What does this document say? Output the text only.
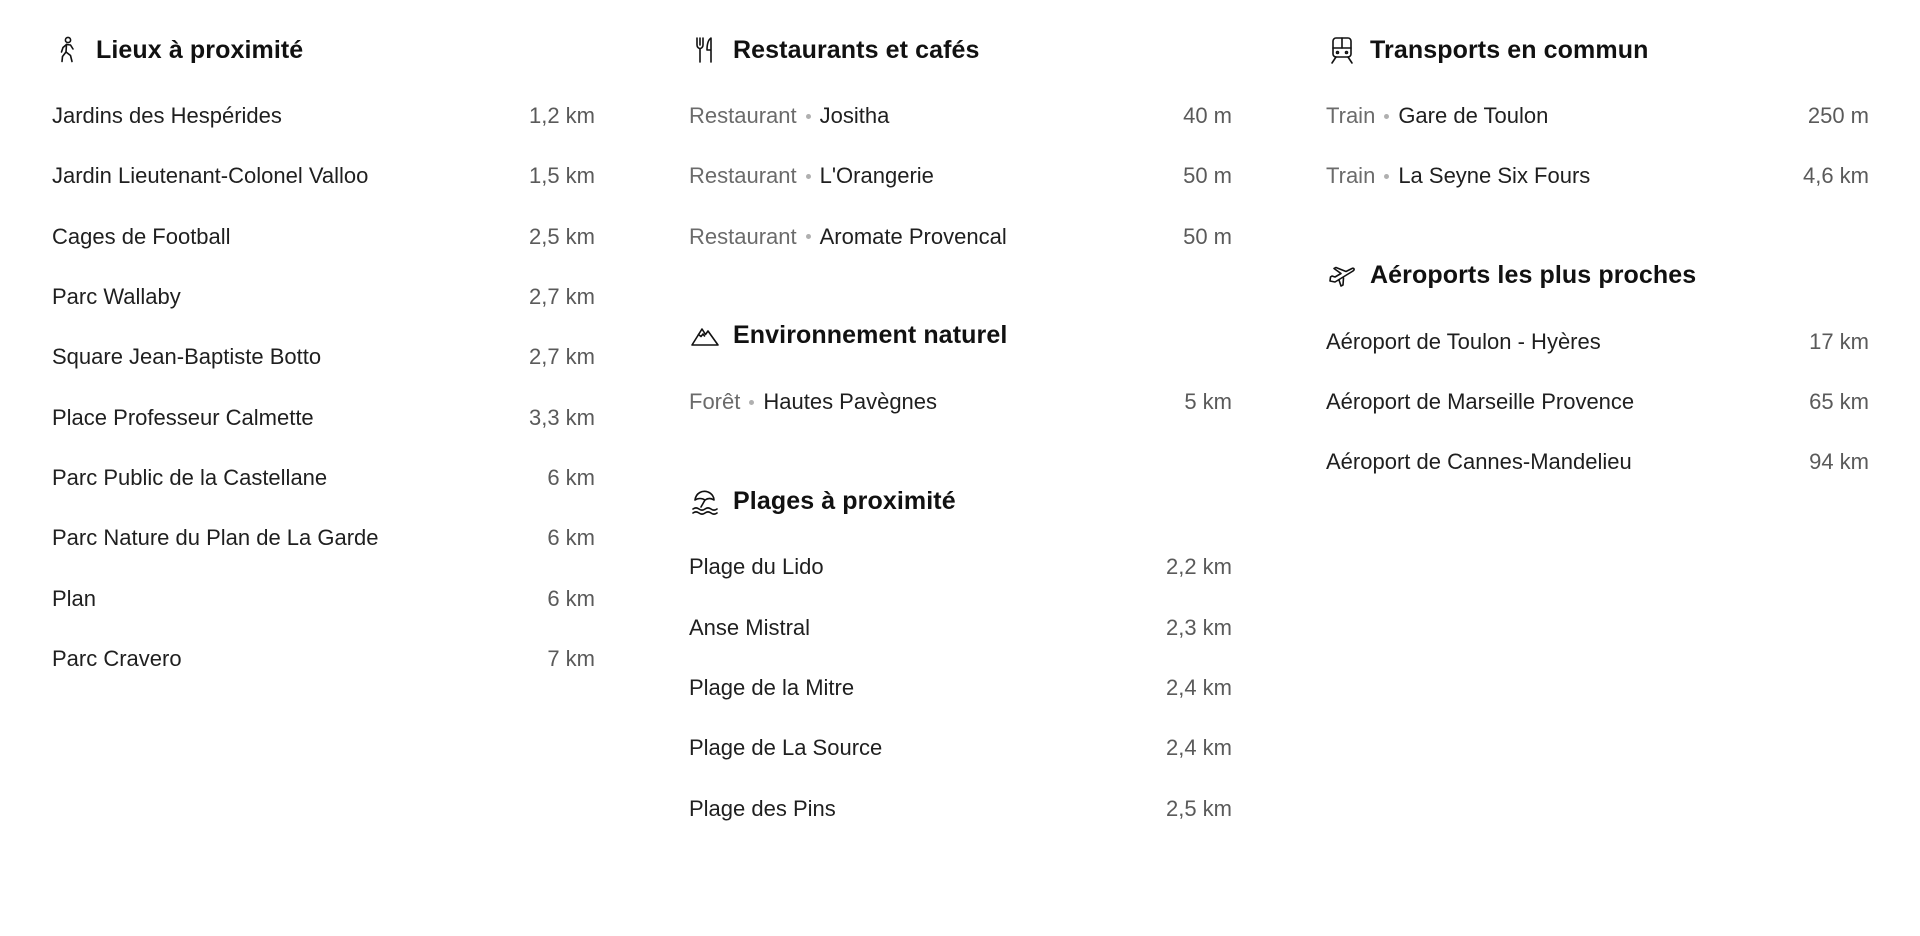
Lieux à proximité
Jardins des Hespérides	1,2 km
Jardin Lieutenant-Colonel Valloo	1,5 km
Cages de Football	2,5 km
Parc Wallaby	2,7 km
Square Jean-Baptiste Botto	2,7 km
Place Professeur Calmette	3,3 km
Parc Public de la Castellane	6 km
Parc Nature du Plan de La Garde	6 km
Plan	6 km
Parc Cravero	7 km
Restaurants et cafés
Restaurant Jositha	40 m
Restaurant L'Orangerie	50 m
Restaurant Aromate Provencal	50 m
Environnement naturel
Forêt Hautes Pavègnes	5 km
Plages à proximité
Plage du Lido	2,2 km
Anse Mistral	2,3 km
Plage de la Mitre	2,4 km
Plage de La Source	2,4 km
Plage des Pins	2,5 km
Transports en commun
Train Gare de Toulon	250 m
Train La Seyne Six Fours	4,6 km
Aéroports les plus proches
Aéroport de Toulon - Hyères	17 km
Aéroport de Marseille Provence	65 km
Aéroport de Cannes-Mandelieu	94 km
